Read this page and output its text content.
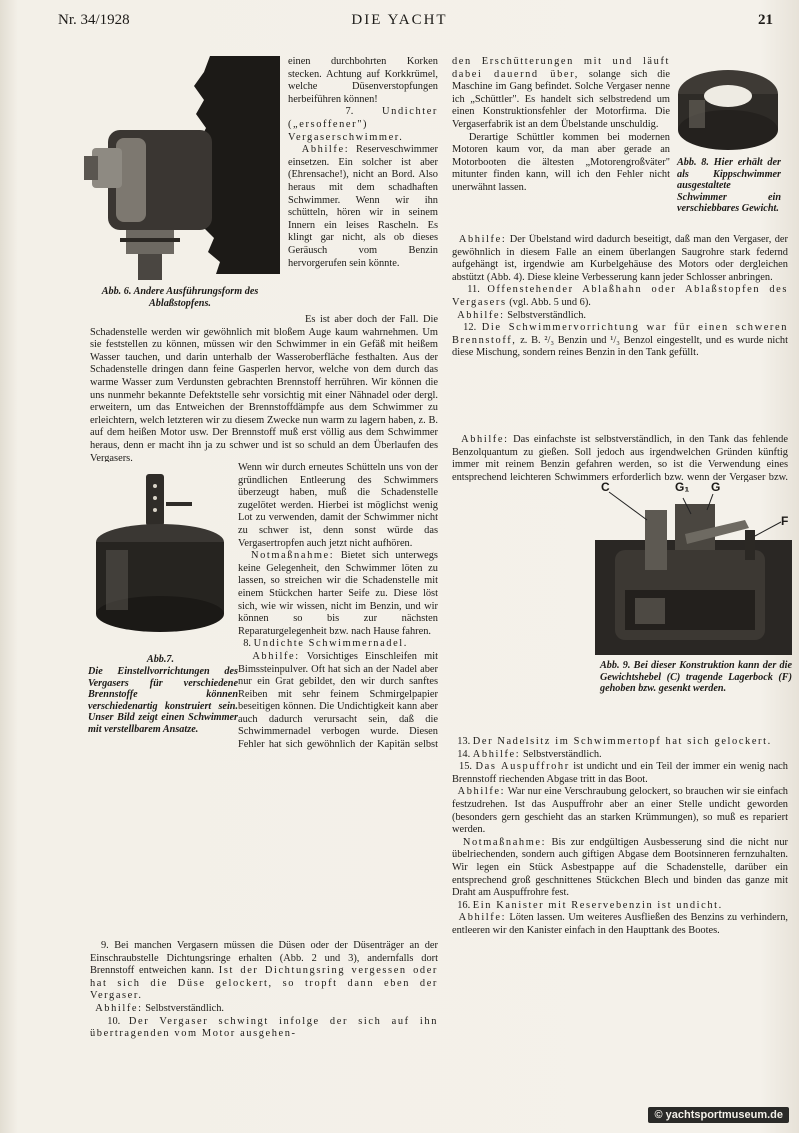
Nr. 34/1928	DIE YACHT	21
Abb. 6. Andere Ausführungsform des Ablaßstopfens.
Abb.7.
Die Einstellvorrichtungen des Vergasers für verschiedene Brennstoffe können verschiedenartig konstruiert sein. Unser Bild zeigt einen Schwimmer mit verstellbarem Ansatze.
Abb. 8. Hier erhält der als Kippschwimmer ausgestaltete Schwimmer ein verschiebbares Gewicht.
C	G₁ G
F
Abb. 9. Bei dieser Konstruktion kann der die Gewichtshebel (C) tragende Lagerbock (F) gehoben bzw. gesenkt werden.

einen durchbohrten Korken stecken. Achtung auf Korkkrümel, welche Düsenverstopfungen herbeiführen können!

7. Undichter („ersoffener") Vergaserschwimmer.

Abhilfe: Reserveschwimmer einsetzen. Ein solcher ist aber (Ehrensache!), nicht an Bord. Also heraus mit dem schadhaften Schwimmer. Wenn wir ihn schütteln, hören wir in seinem Innern ein leises Rascheln. Es klingt gar nicht, als ob dieses Geräusch vom Benzin hervorgerufen sein könnte.

Es ist aber doch der Fall. Die Schadenstelle werden wir gewöhnlich mit bloßem Auge kaum wahrnehmen. Um sie feststellen zu können, müssen wir den Schwimmer in ein Gefäß mit heißem Wasser tauchen, und darin unterhalb der Wasseroberfläche festhalten. Aus der Schadenstelle dringen dann feine Gasperlen hervor, welche von dem durch das warme Wasser zum Verdunsten gebrachten Brennstoff herrühren. Wir können die uns nunmehr bekannte Defektstelle sehr vorsichtig mit einer Nähnadel oder dergl. erweitern, um das Entweichen der Brennstoffdämpfe aus dem Schwimmer zu erleichtern, welch letzteren wir zu diesem Zwecke nun warm zu lagern haben, z. B. auf dem heißen Motor usw. Der Brennstoff muß erst völlig aus dem Schwimmer heraus, denn er macht ihn ja zu schwer und ist so schuld an dem Überlaufen des Vergasers.

Wenn wir durch erneutes Schütteln uns von der gründlichen Entleerung des Schwimmers überzeugt haben, muß die Schadenstelle zugelötet werden. Hierbei ist möglichst wenig Lot zu verwenden, damit der Schwimmer nicht zu schwer ist, denn sonst würde das Vergasertropfen auch jetzt nicht aufhören.

Notmaßnahme: Bietet sich unterwegs keine Gelegenheit, den Schwimmer löten zu lassen, so streichen wir die Schadenstelle mit einem Stückchen harter Seife zu. Diese löst sich, wie wir wissen, nicht im Benzin, und wir können so bis zur nächsten Reparaturgelegenheit bzw. nach Hause fahren.

8. Undichte Schwimmernadel.

Abhilfe: Vorsichtiges Einschleifen mit Bimssteinpulver. Oft hat sich an der Nadel aber nur ein Grat gebildet, den wir durch sanftes Reiben mit sehr feinem Schmirgelpapier beseitigen können. Die Undichtigkeit kann aber auch dadurch verursacht sein, daß die Schwimmernadel verbogen wurde. Diesen Fehler hat sich gewöhnlich der Kapitän selbst

9. Bei manchen Vergasern müssen die Düsen oder der Düsenträger an der Einschraubstelle Dichtungsringe erhalten (Abb. 2 und 3), andernfalls dort Brennstoff entweichen kann. Ist der Dichtungsring vergessen oder hat sich die Düse gelockert, so tropft dann eben der Vergaser.

Abhilfe: Selbstverständlich.

10. Der Vergaser schwingt infolge der sich auf ihn übertragenden vom Motor ausgehen-

den Erschütterungen mit und läuft dabei dauernd über, solange sich die Maschine im Gang befindet. Solche Vergaser nenne ich „Schüttler". Es handelt sich selbstredend um einen Konstruktionsfehler der Motorfirma. Die Vergaserfabrik ist an dem Übelstande unschuldig.

Derartige Schüttler kommen bei modernen Motoren kaum vor, da man aber gerade an Motorbooten die ältesten „Motorengroßväter" mitunter finden kann, will ich den Fehler nicht unerwähnt lassen.

Abhilfe: Der Übelstand wird dadurch beseitigt, daß man den Vergaser, der gewöhnlich in diesem Falle an einem überlangen Saugrohre stark federnd aufgehängt ist, irgendwie am Kurbelgehäuse des Motors oder dergleichen abstützt (Abb. 4). Diese kleine Verbesserung kann jeder Schlosser anbringen.

11. Offenstehender Ablaßhahn oder Ablaßstopfen des Vergasers (vgl. Abb. 5 und 6).

Abhilfe: Selbstverständlich.

12. Die Schwimmervorrichtung war für einen schweren Brennstoff, z. B. ²/₃ Benzin und ¹/₃ Benzol eingestellt, und es wurde nicht diese Mischung, sondern reines Benzin in den Tank gefüllt.

Abhilfe: Das einfachste ist selbstverständlich, in den Tank das fehlende Benzolquantum zu gießen. Soll jedoch aus irgendwelchen Gründen künftig immer mit reinem Benzin gefahren werden, so ist die Verwendung eines entsprechend leichteren Schwimmers erforderlich bzw. wenn der Vergaser bzw.

13. Der Nadelsitz im Schwimmertopf hat sich gelockert.

14. Abhilfe: Selbstverständlich.

15. Das Auspuffrohr ist undicht und ein Teil der immer ein wenig nach Brennstoff riechenden Abgase tritt in das Boot.

Abhilfe: War nur eine Verschraubung gelockert, so brauchen wir sie einfach festzudrehen. Ist das Auspuffrohr aber an einer Stelle undicht geworden (besonders gern geschieht das an starken Krümmungen), so muß es repariert werden.

Notmaßnahme: Bis zur endgültigen Ausbesserung sind die nicht nur übelriechenden, sondern auch giftigen Abgase dem Bootsinneren fernzuhalten. Wir legen ein Stück Asbestpappe auf die Schadenstelle, darüber ein entsprechend groß geschnittenes Stückchen Blech und binden das ganze mit Draht am Auspuffrohre fest.

16. Ein Kanister mit Reservebenzin ist undicht.

Abhilfe: Löten lassen. Um weiteres Ausfließen des Benzins zu verhindern, entleeren wir den Kanister einfach in den Haupttank des Bootes.

© yachtsportmuseum.de
